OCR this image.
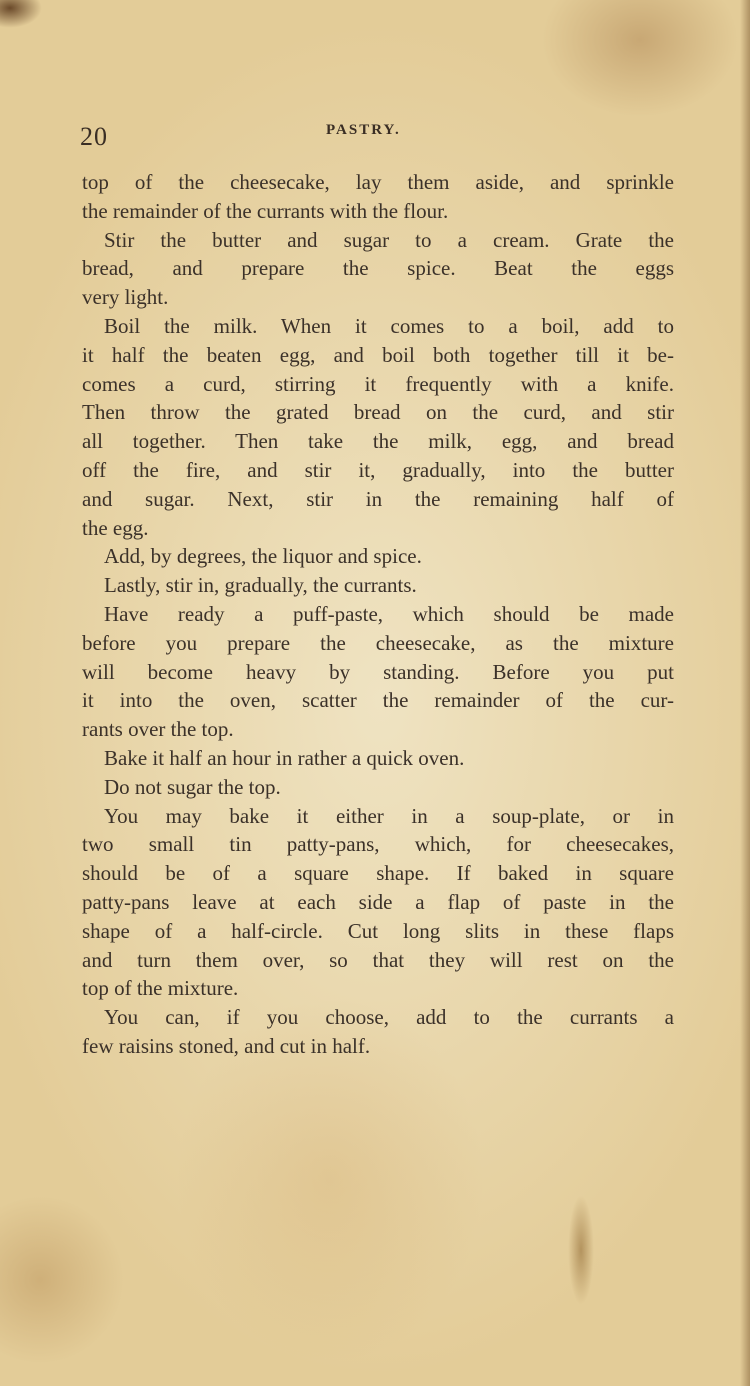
20	PASTRY.
top of the cheesecake, lay them aside, and sprinkle
the remainder of the currants with the flour.
Stir the butter and sugar to a cream. Grate the
bread, and prepare the spice. Beat the eggs
very light.
Boil the milk. When it comes to a boil, add to
it half the beaten egg, and boil both together till it be-
comes a curd, stirring it frequently with a knife.
Then throw the grated bread on the curd, and stir
all together. Then take the milk, egg, and bread
off the fire, and stir it, gradually, into the butter
and sugar. Next, stir in the remaining half of
the egg.
Add, by degrees, the liquor and spice.
Lastly, stir in, gradually, the currants.
Have ready a puff-paste, which should be made
before you prepare the cheesecake, as the mixture
will become heavy by standing. Before you put
it into the oven, scatter the remainder of the cur-
rants over the top.
Bake it half an hour in rather a quick oven.
Do not sugar the top.
You may bake it either in a soup-plate, or in
two small tin patty-pans, which, for cheesecakes,
should be of a square shape. If baked in square
patty-pans leave at each side a flap of paste in the
shape of a half-circle. Cut long slits in these flaps
and turn them over, so that they will rest on the
top of the mixture.
You can, if you choose, add to the currants a
few raisins stoned, and cut in half.
